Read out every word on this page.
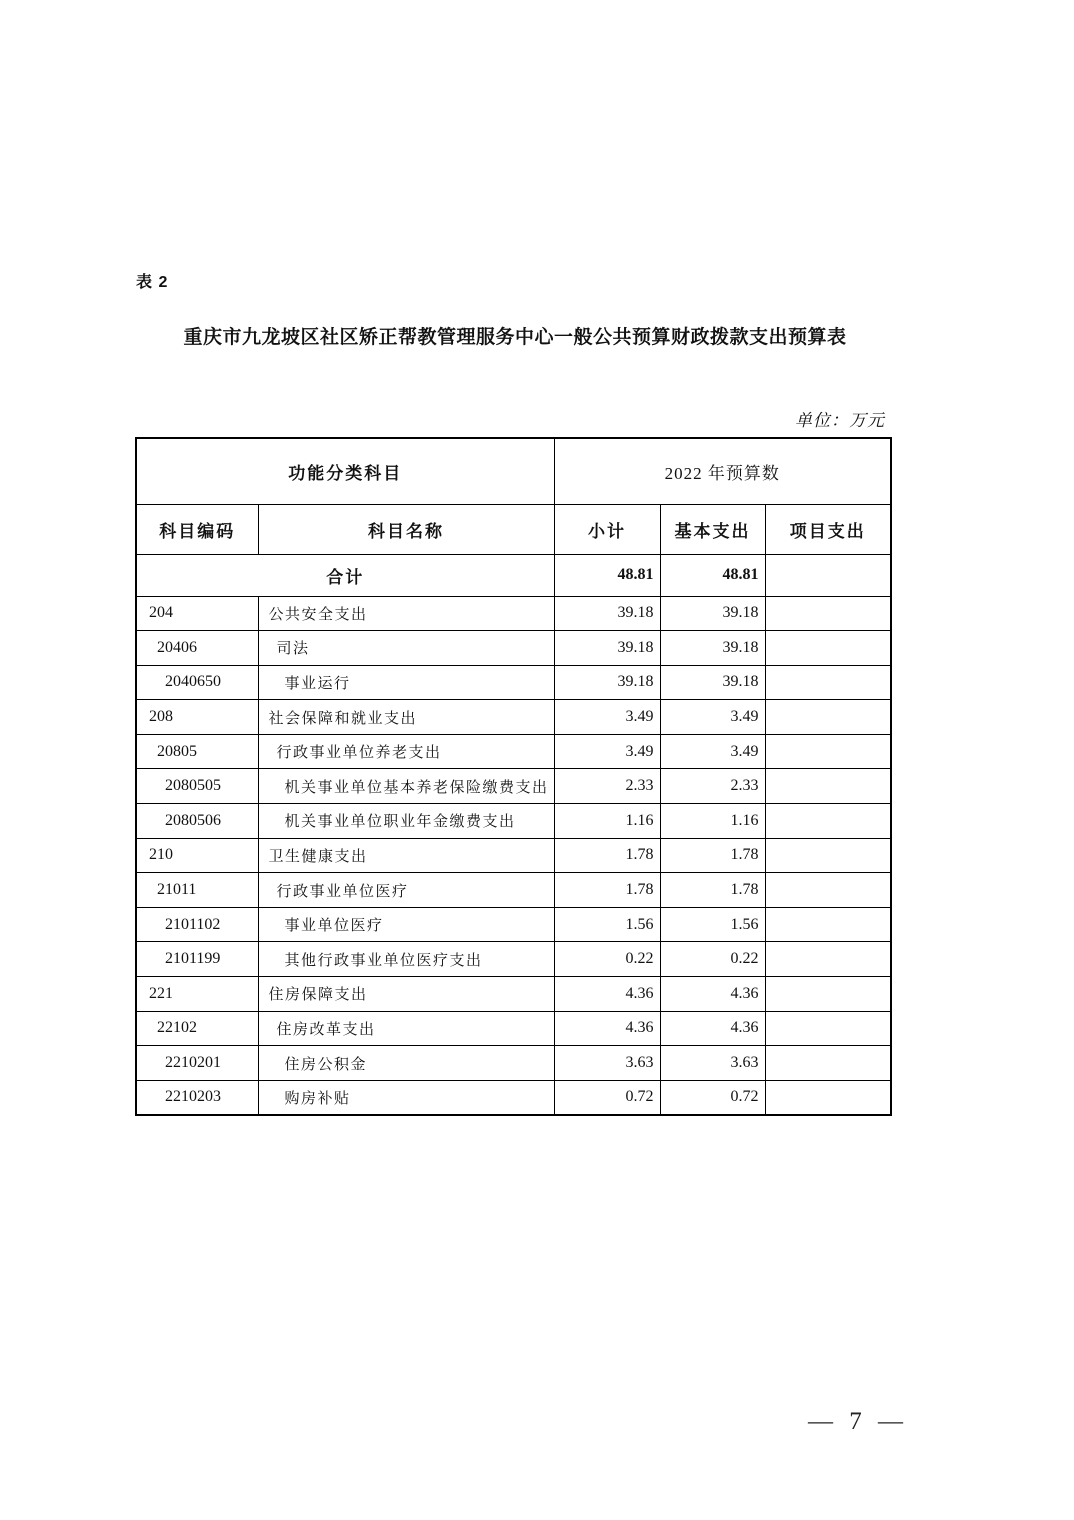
表 2
重庆市九龙坡区社区矫正帮教管理服务中心一般公共预算财政拨款支出预算表
单位：万元
功能分类科目		2022 年预算数		
科目编码	科目名称	小计	基本支出	项目支出
合计		48.81	48.81	
204	公共安全支出	39.18	39.18	
20406	司法	39.18	39.18	
2040650	事业运行	39.18	39.18	
208	社会保障和就业支出	3.49	3.49	
20805	行政事业单位养老支出	3.49	3.49	
2080505	机关事业单位基本养老保险缴费支出	2.33	2.33	
2080506	机关事业单位职业年金缴费支出	1.16	1.16	
210	卫生健康支出	1.78	1.78	
21011	行政事业单位医疗	1.78	1.78	
2101102	事业单位医疗	1.56	1.56	
2101199	其他行政事业单位医疗支出	0.22	0.22	
221	住房保障支出	4.36	4.36	
22102	住房改革支出	4.36	4.36	
2210201	住房公积金	3.63	3.63	
2210203	购房补贴	0.72	0.72	
— 7 —
